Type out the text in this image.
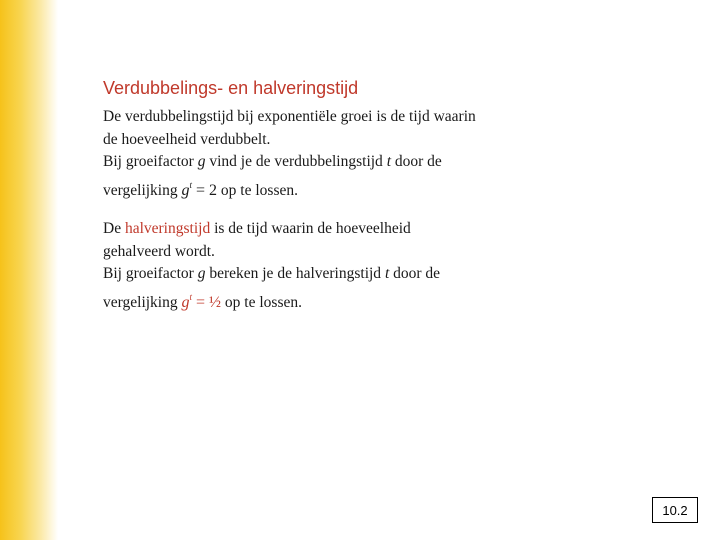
Verdubbelings- en halveringstijd
De verdubbelingstijd bij exponentiële groei is de tijd waarin
de hoeveelheid verdubbelt.
Bij groeifactor g vind je de verdubbelingstijd t door de
vergelijking $g^t = 2$ op te lossen.
De halveringstijd is de tijd waarin de hoeveelheid
gehalveerd wordt.
Bij groeifactor g bereken je de halveringstijd t door de
vergelijking $g^t$ = ½ op te lossen.
10.2
